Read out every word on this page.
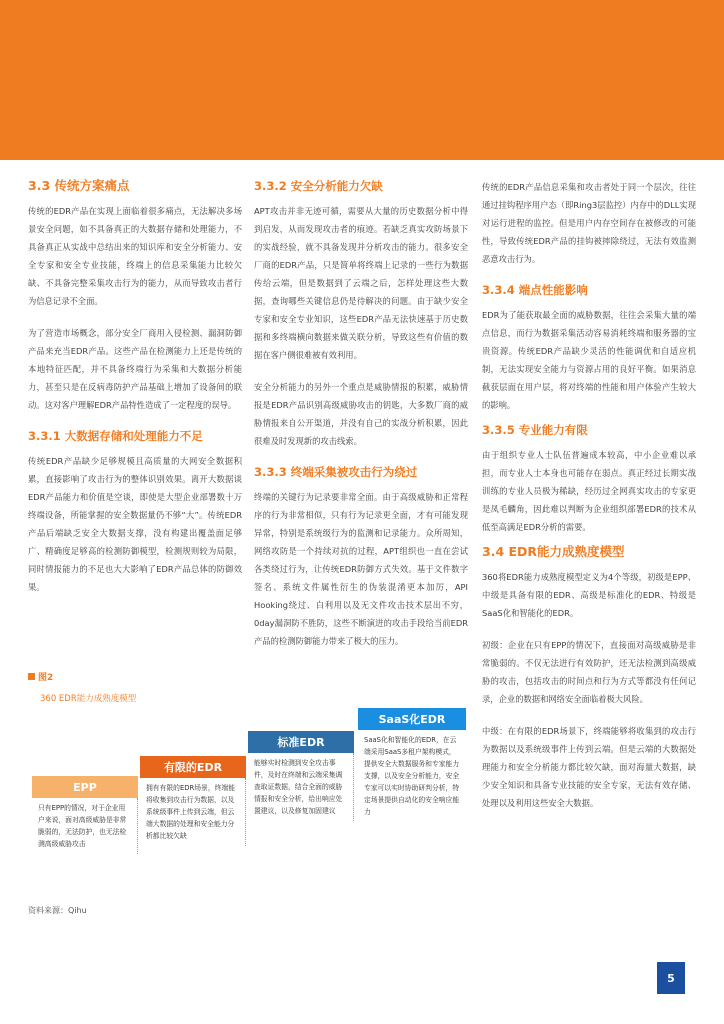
3.3 传统方案痛点

传统的EDR产品在实现上面临着很多痛点，无法解决多场景安全问题，如不具备真正的大数据存储和处理能力，不具备真正从实战中总结出来的知识库和安全分析能力、安全专家和安全专业技能，终端上的信息采集能力比较欠缺、不具备完整采集攻击行为的能力，从而导致攻击者行为信息记录不全面。

为了营造市场概念，部分安全厂商用入侵检测、漏洞防御产品来充当EDR产品。这些产品在检测能力上还是传统的本地特征匹配，并不具备终端行为采集和大数据分析能力，甚至只是在反病毒防护产品基础上增加了设备间的联动。这对客户理解EDR产品特性造成了一定程度的误导。

3.3.1 大数据存储和处理能力不足

传统EDR产品缺少足够规模且高质量的大网安全数据积累，直接影响了攻击行为的整体识别效果。离开大数据谈EDR产品能力和价值是空谈，即使是大型企业部署数十万终端设备，所能掌握的安全数据量仍不够“大”。传统EDR产品后端缺乏安全大数据支撑，没有构建出覆盖面足够广、精确度足够高的检测防御模型，检测规则较为局限，同时情报能力的不足也大大影响了EDR产品总体的防御效果。

3.3.2 安全分析能力欠缺

APT攻击并非无迹可循，需要从大量的历史数据分析中得到启发，从而发现攻击者的痕迹。若缺乏真实攻防场景下的实战经验，就不具备发现并分析攻击的能力。很多安全厂商的EDR产品，只是简单将终端上记录的一些行为数据传给云端，但是数据到了云端之后，怎样处理这些大数据，查询哪些关键信息仍是待解决的问题。由于缺少安全专家和安全专业知识，这些EDR产品无法快速基于历史数据和多终端横向数据来做关联分析，导致这些有价值的数据在客户侧很难被有效利用。

安全分析能力的另外一个重点是威胁情报的积累，威胁情报是EDR产品识别高级威胁攻击的钥匙，大多数厂商的威胁情报来自公开渠道，并没有自己的实战分析积累，因此很难及时发现新的攻击线索。

3.3.3 终端采集被攻击行为绕过

终端的关键行为记录要非常全面。由于高级威胁和正常程序的行为非常相似，只有行为记录更全面，才有可能发现异常，特别是系统级行为的监测和记录能力。众所周知，网络攻防是一个持续对抗的过程，APT组织也一直在尝试各类绕过行为，让传统EDR防御方式失效。基于文件数字签名、系统文件属性衍生的伪装混淆更本加厉，API Hooking绕过、白利用以及无文件攻击技术层出不穷，0day漏洞防不胜防，这些不断演进的攻击手段给当前EDR产品的检测防御能力带来了极大的压力。

传统的EDR产品信息采集和攻击者处于同一个层次，往往通过挂钩程序用户态（即Ring3层监控）内存中的DLL实现对运行进程的监控。但是用户内存空间存在被修改的可能性，导致传统EDR产品的挂钩被摔除绕过，无法有效监测恶意攻击行为。

3.3.4 端点性能影响

EDR为了能获取最全面的威胁数据，往往会采集大量的端点信息，而行为数据采集活动容易消耗终端和服务器的宝贵资源。传统EDR产品缺少灵活的性能调优和自适应机制，无法实现安全能力与资源占用的良好平衡。如果消息截获层面在用户层，将对终端的性能和用户体验产生较大的影响。

3.3.5 专业能力有限

由于组织专业人士队伍普遍成本较高，中小企业难以承担，而专业人士本身也可能存在弱点。真正经过长期实战训练的专业人员极为稀缺，经历过全网真实攻击的专家更是凤毛麟角，因此难以判断为企业组织部署EDR的技术从低至高满足EDR分析的需要。

3.4 EDR能力成熟度模型

360将EDR能力成熟度模型定义为4个等级，初级是EPP、中级是具备有限的EDR、高级是标准化的EDR、特级是SaaS化和智能化的EDR。

初级：企业在只有EPP的情况下，直接面对高级威胁是非常脆弱的。不仅无法进行有效防护，还无法检测到高级威胁的攻击，包括攻击的时间点和行为方式等都没有任何记录，企业的数据和网络安全面临着极大风险。

中级：在有限的EDR场景下，终端能够将收集到的攻击行为数据以及系统级事件上传到云端。但是云端的大数据处理能力和安全分析能力都比较欠缺，面对海量大数据，缺少安全知识和具备专业技能的安全专家，无法有效存储、处理以及利用这些安全大数据。

图2
360 EDR能力成熟度模型
EPP
只有EPP的情况，对于企业用户来说，面对高级威胁是非常脆弱的，无法防护，也无法检测高级威胁攻击
有限的EDR
拥有有限的EDR场景，终端能将收集到攻击行为数据，以及系统级事件上传到云端，但云端大数据的处理和安全能力分析都比较欠缺
标准EDR
能够实时检测到安全攻击事件，及时在终端和云端采集调查取证数据，结合全面的威胁情报和安全分析，给出响应处置建议，以及修复加固建议
SaaS化EDR
SaaS化和智能化的EDR，在云端采用SaaS多租户架构模式，提供安全大数据服务和专家能力支撑，以及安全分析能力，安全专家可以实时协助研判分析，特定场景提供自动化的安全响应能力
资料来源：Qihu
5
